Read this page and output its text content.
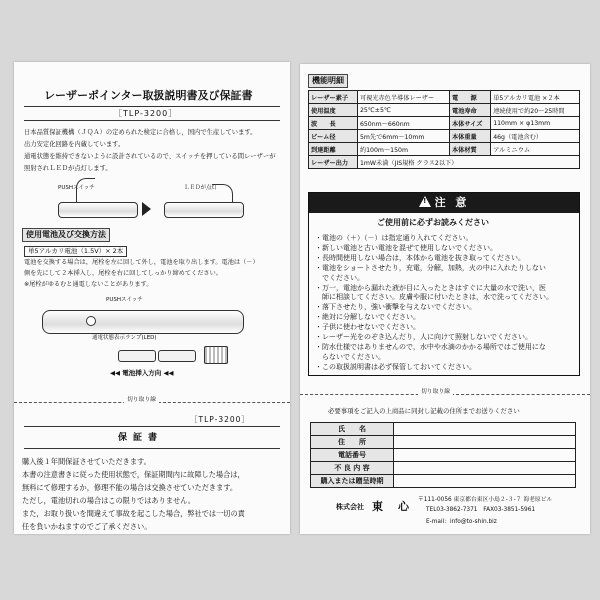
レーザーポインター取扱説明書及び保証書
［TLP-3200］
日本品質保証機構（ＪＱＡ）の定められた検定に合格し，国内で生産しています。
出力安定化回路を内蔵しています。
通電状態を維持できないように設計されているので、スイッチを押している間レーザーが
照射されＬＥＤが点灯します。
PUSHスイッチ	ＬＥＤが点灯
使用電池及び交換方法
単5アルカリ電池（1.5V）× 2本
電池を交換する場合は，尾栓を左に回して外し，電池を取り出します。電池は（－）
側を先にして２本挿入し，尾栓を右に回してしっかり締めてください。
※尾栓がゆるむと通電しないことがあります。
PUSHスイッチ
通電状態表示ランプ(LED)
◀◀ 電池挿入方向 ◀◀
切り取り線
［TLP-3200］
保証書
購入後１年間保証させていただきます。
本書の注意書きに従った使用状態で，保証期間内に故障した場合は，
無料にて修理するか，修理不能の場合は交換させていただきます。
ただし，電池切れの場合はこの限りではありません。
また，お取り扱いを間違えて事故を起こした場合，弊社では一切の責
任を負いかねますのでご了承ください。
機能明細
レーザー素子	可視光赤色半導体レーザー	電　　源	単5アルカリ電池 ×２本
使用温度	25℃±5℃	電池寿命	連続使用で約20～25時間
波　　長	650nm～660nm	本体サイズ	110mm × φ13mm
ビーム径	5m先で6mm～10mm	本体重量	46g（電池含む）
到達距離	約100m～150m	本体材質	アルミニウム
レーザー出力	1mW未満（JIS規格 クラス2以下）		
! 注 意
ご使用前に必ずお読みください
・電池の（＋）（－）は指定通り入れてください。
・新しい電池と古い電池を混ぜて使用しないでください。
・長時間使用しない場合は，本体から電池を抜き取ってください。
・電池をショートさせたり，充電，分解，加熱，火の中に入れたりしない
　でください。
・万一，電池から漏れた液が目に入ったときはすぐに大量の水で洗い，医
　師に相談してください。皮膚や服に付いたときは，水で洗ってください。
・落下させたり，強い衝撃を与えないでください。
・絶対に分解しないでください。
・子供に使わせないでください。
・レーザー光をのぞき込んだり，人に向けて照射しないでください。
・防水仕様ではありませんので，水中や水滴のかかる場所ではご使用にな
　らないでください。
・この取扱説明書は必ず保管しておいてください。
切り取り線
必要事項をご記入の上商品に同封し記載の住所までお送りください
氏　　名	
住　　所	
電話番号	
不 良 内 容	
購入または贈呈時期	
株式会社 東　心 〒111-0056 東京都台東区小島２-３-７ 海老原ビル
TEL03-3862-7371　FAX03-3851-5961
E-mail：info@to-shin.biz
